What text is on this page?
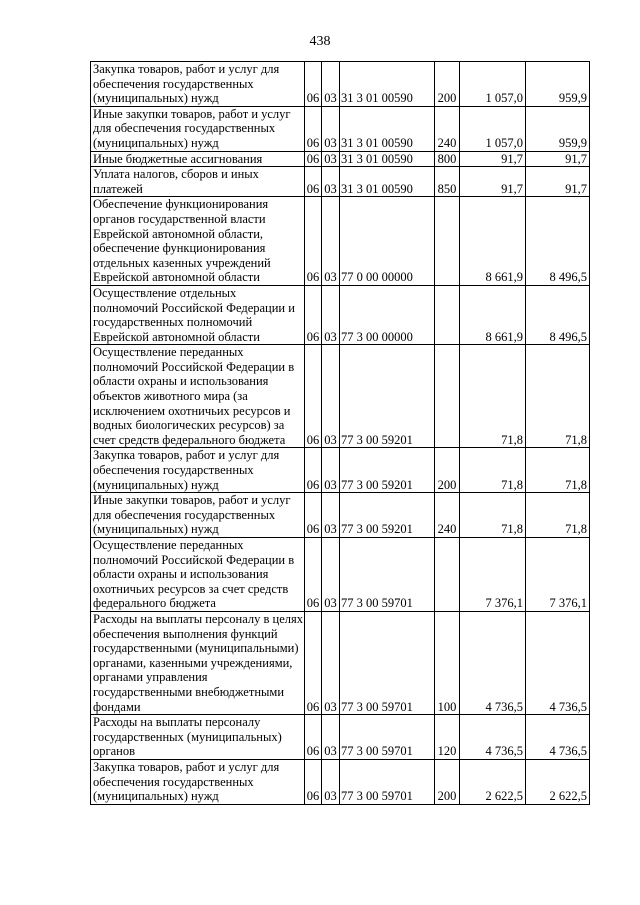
438
Закупка товаров, работ и услуг для обеспечения государственных (муниципальных) нужд	06	03	31 3 01 00590	200	1 057,0	959,9
Иные закупки товаров, работ и услуг для обеспечения государственных (муниципальных) нужд	06	03	31 3 01 00590	240	1 057,0	959,9
Иные бюджетные ассигнования	06	03	31 3 01 00590	800	91,7	91,7
Уплата налогов, сборов и иных платежей	06	03	31 3 01 00590	850	91,7	91,7
Обеспечение функционирования органов государственной власти Еврейской автономной области, обеспечение функционирования отдельных казенных учреждений Еврейской автономной области	06	03	77 0 00 00000		8 661,9	8 496,5
Осуществление отдельных полномочий Российской Федерации и государственных полномочий Еврейской автономной области	06	03	77 3 00 00000		8 661,9	8 496,5
Осуществление переданных полномочий Российской Федерации в области охраны и использования объектов животного мира (за исключением охотничьих ресурсов и водных биологических ресурсов) за счет средств федерального бюджета	06	03	77 3 00 59201		71,8	71,8
Закупка товаров, работ и услуг для обеспечения государственных (муниципальных) нужд	06	03	77 3 00 59201	200	71,8	71,8
Иные закупки товаров, работ и услуг для обеспечения государственных (муниципальных) нужд	06	03	77 3 00 59201	240	71,8	71,8
Осуществление переданных полномочий Российской Федерации в области охраны и использования охотничьих ресурсов за счет средств федерального бюджета	06	03	77 3 00 59701		7 376,1	7 376,1
Расходы на выплаты персоналу в целях обеспечения выполнения функций государственными (муниципальными) органами, казенными учреждениями, органами управления государственными внебюджетными фондами	06	03	77 3 00 59701	100	4 736,5	4 736,5
Расходы на выплаты персоналу государственных (муниципальных) органов	06	03	77 3 00 59701	120	4 736,5	4 736,5
Закупка товаров, работ и услуг для обеспечения государственных (муниципальных) нужд	06	03	77 3 00 59701	200	2 622,5	2 622,5
